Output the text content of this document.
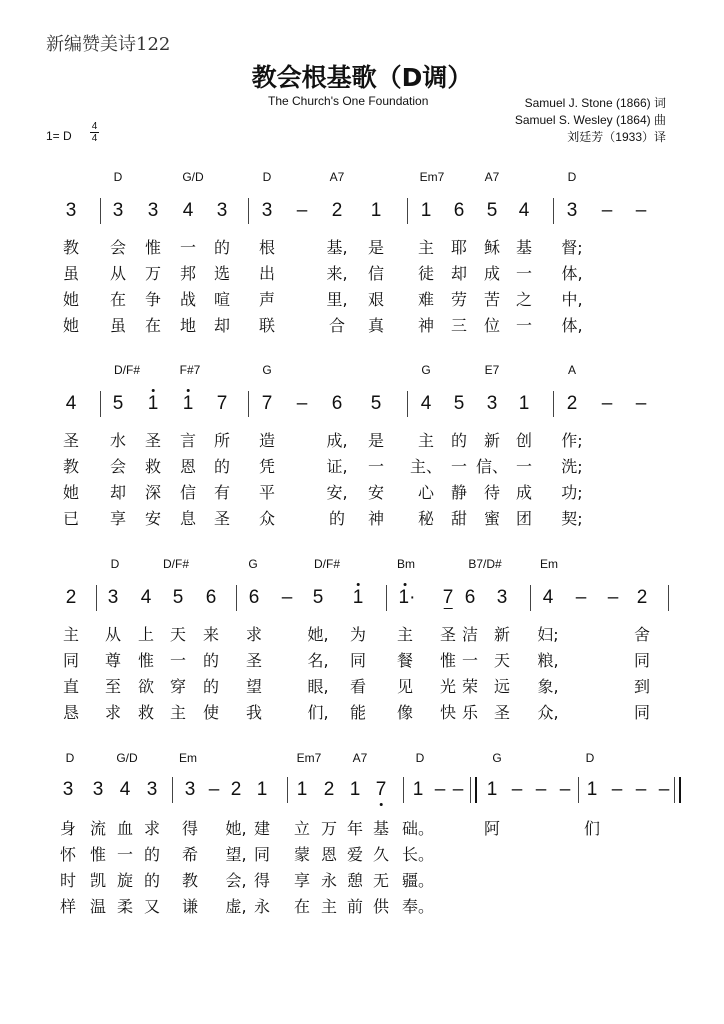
新编赞美诗122
教会根基歌（D调）
The Church's One Foundation	Samuel J. Stone (1866) 词
Samuel S. Wesley (1864) 曲
刘廷芳（1933）译
1= D
4
4
D	G/D	D	A7	Em7	A7	D
3 3 3 4 3 3 – 2 1 1 6 5 4 3 – –
教 会 惟 一 的 根	基, 是 主 耶 稣 基 督;
虽 从 万 邦 选 出	来, 信 徒 却 成 一 体,
她 在 争 战 喧 声	里, 艰 难 劳 苦 之 中,
她 虽 在 地 却 联	合 真 神 三 位 一 体,
D/F#	F#7	G	G	E7	A
4 5 1 1 7 7 – 6 5 4 5 3 1 2 – –
圣 水 圣 言 所 造	成, 是 主 的 新 创 作;
教 会 救 恩 的 凭	证, 一 主、 一 信、 一 洗;
她 却 深 信 有 平	安, 安 心 静 待 成 功;
已 享 安 息 圣 众	的 神 秘 甜 蜜 团 契;
D	D/F#	G	D/F#	Bm	B7/D#	Em
2 3 4 5 6 6 – 5 1 1· 7 6 3 4 – – 2
主 从 上 天 来 求	她, 为 主 圣 洁 新 妇;	舍
同 尊 惟 一 的 圣	名, 同 餐 惟 一 天 粮,	同
直 至 欲 穿 的 望	眼, 看 见 光 荣 远 象,	到
恳 求 救 主 使 我	们, 能 像 快 乐 圣 众,	同
D	G/D	Em	Em7	A7	D	G	D
3 3 4 3 3 – 2 1 1 2 1 7 1 – – 1 – – – 1 – – –
身 流 血 求 得 她, 建 立 万 年 基 础。	阿	们
怀 惟 一 的 希 望, 同 蒙 恩 爱 久 长。
时 凯 旋 的 教 会, 得 享 永 憩 无 疆。
样 温 柔 又 谦 虚, 永 在 主 前 供 奉。
